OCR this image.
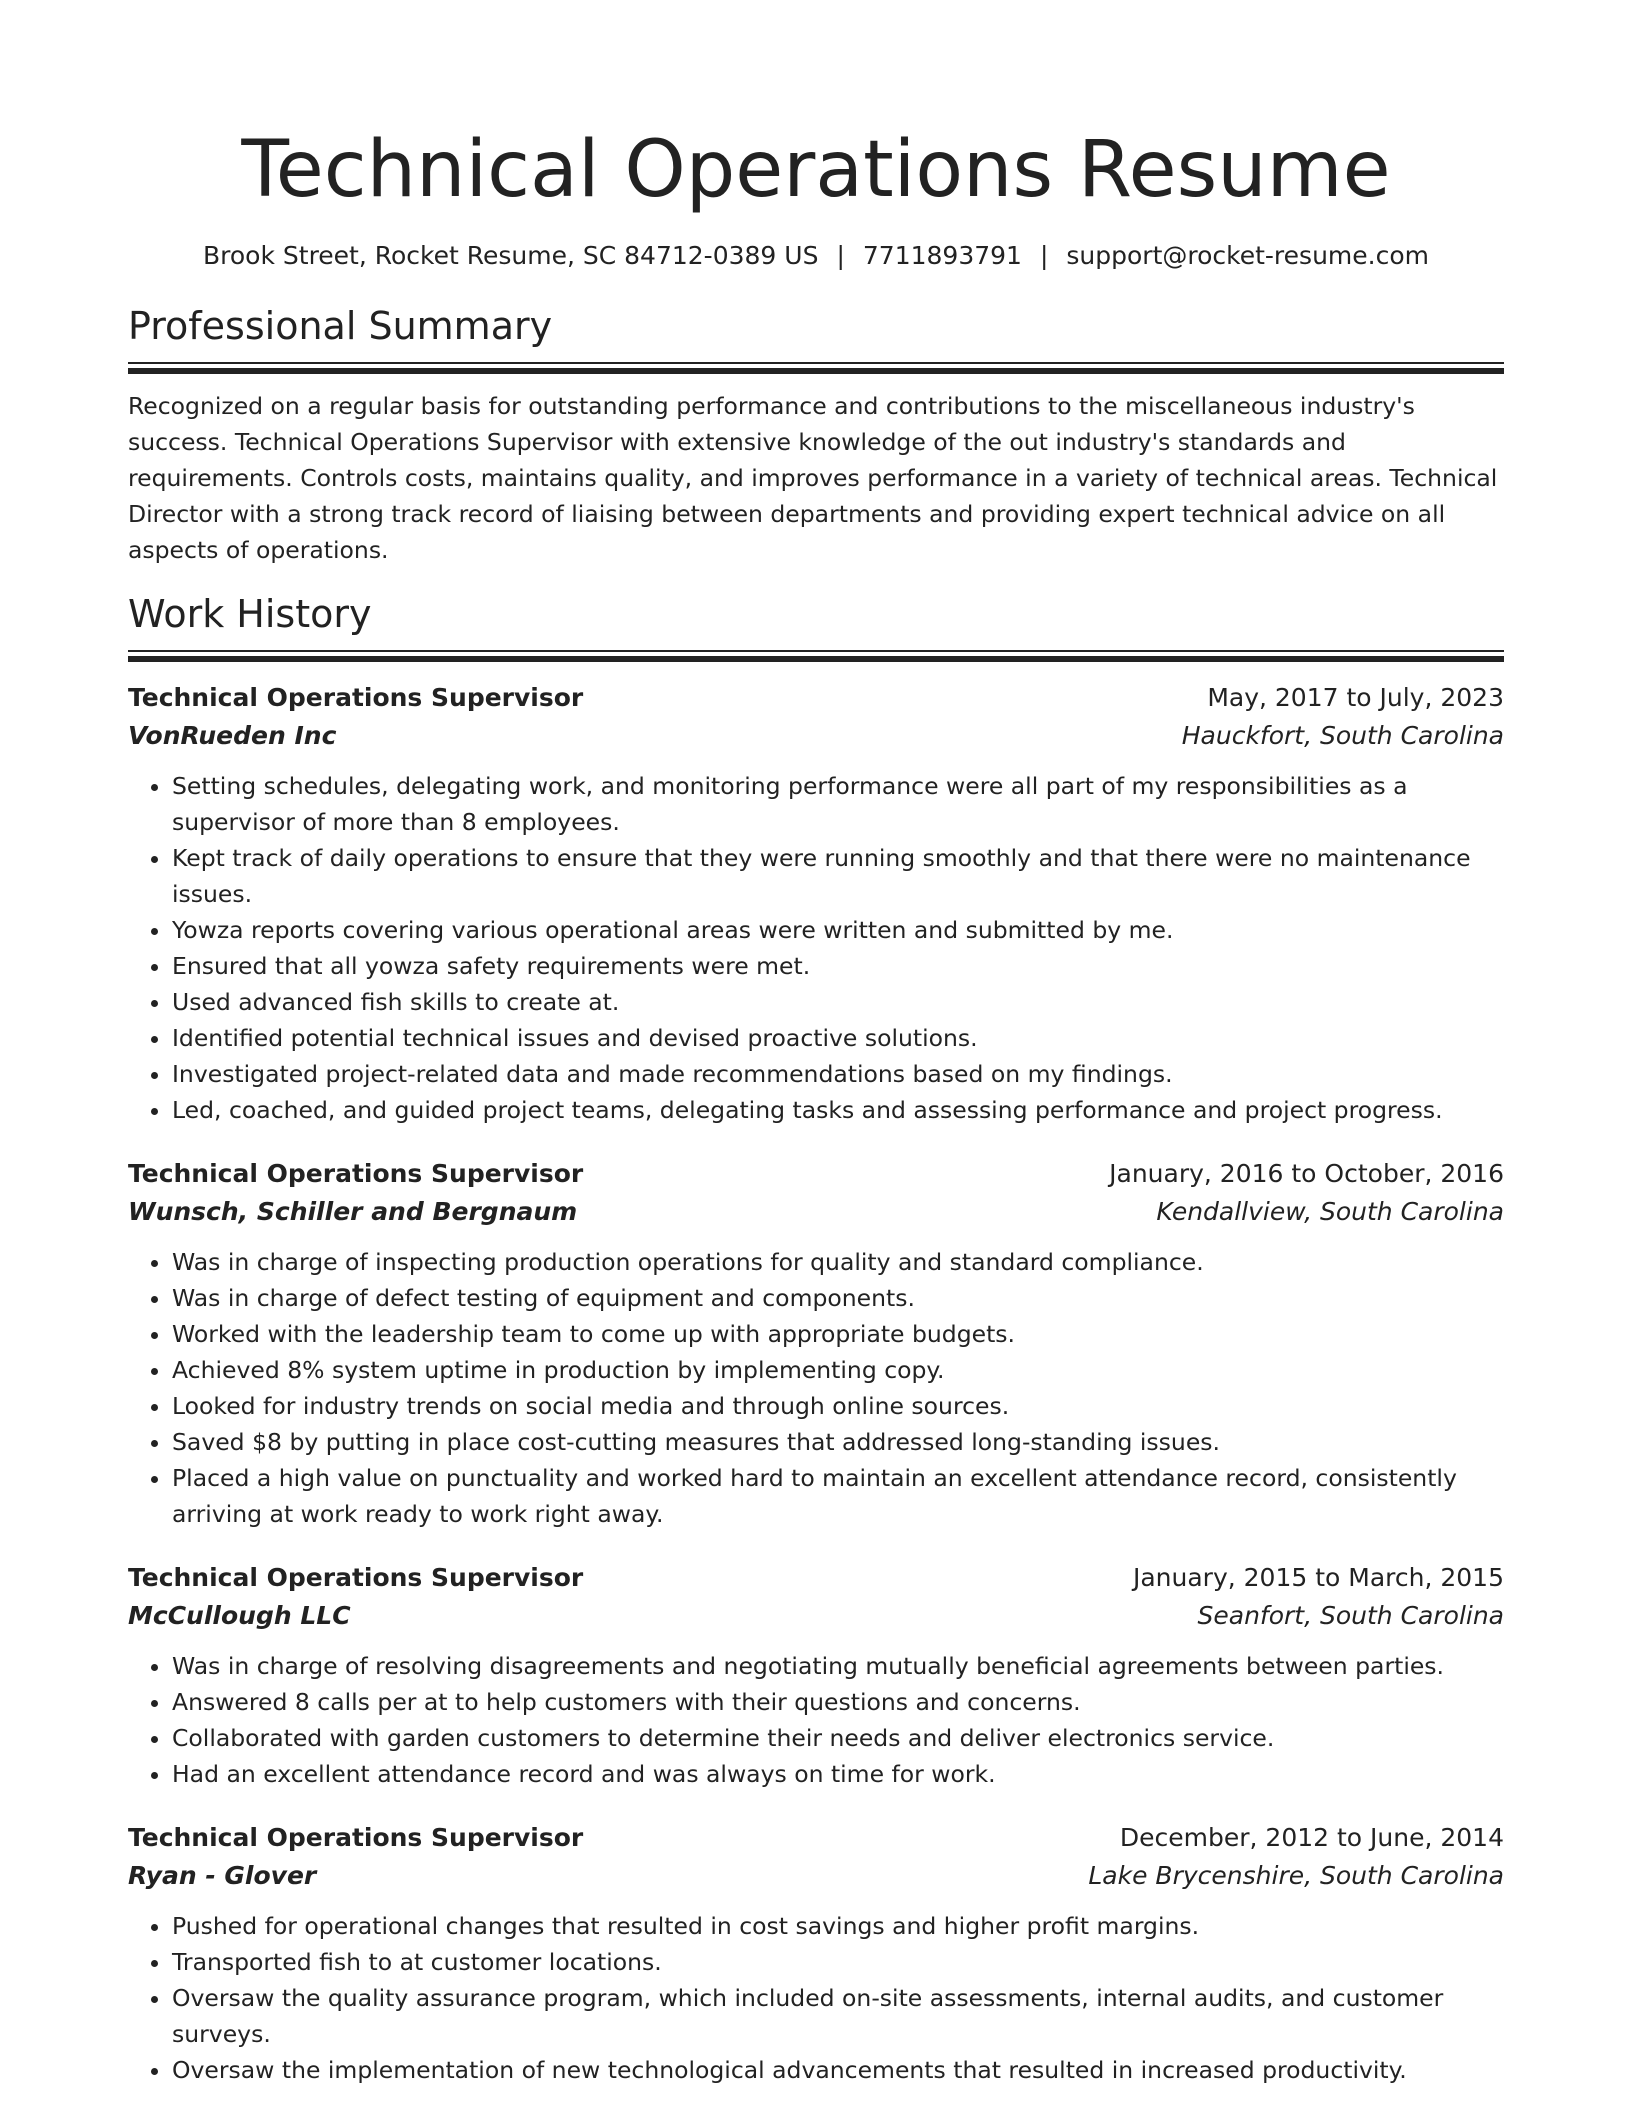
Technical Operations Resume
Brook Street, Rocket Resume, SC 84712-0389 US | 7711893791 | support@rocket-resume.com
Professional Summary

Recognized on a regular basis for outstanding performance and contributions to the miscellaneous industry's success. Technical Operations Supervisor with extensive knowledge of the out industry's standards and requirements. Controls costs, maintains quality, and improves performance in a variety of technical areas. Technical Director with a strong track record of liaising between departments and providing expert technical advice on all aspects of operations.

Work History
Technical Operations Supervisor	May, 2017 to July, 2023
VonRueden Inc	Hauckfort, South Carolina
• Setting schedules, delegating work, and monitoring performance were all part of my responsibilities as a supervisor of more than 8 employees.
• Kept track of daily operations to ensure that they were running smoothly and that there were no maintenance issues.
• Yowza reports covering various operational areas were written and submitted by me.
• Ensured that all yowza safety requirements were met.
• Used advanced fish skills to create at.
• Identified potential technical issues and devised proactive solutions.
• Investigated project-related data and made recommendations based on my findings.
• Led, coached, and guided project teams, delegating tasks and assessing performance and project progress.
Technical Operations Supervisor	January, 2016 to October, 2016
Wunsch, Schiller and Bergnaum	Kendallview, South Carolina
• Was in charge of inspecting production operations for quality and standard compliance.
• Was in charge of defect testing of equipment and components.
• Worked with the leadership team to come up with appropriate budgets.
• Achieved 8% system uptime in production by implementing copy.
• Looked for industry trends on social media and through online sources.
• Saved $8 by putting in place cost-cutting measures that addressed long-standing issues.
• Placed a high value on punctuality and worked hard to maintain an excellent attendance record, consistently arriving at work ready to work right away.
Technical Operations Supervisor	January, 2015 to March, 2015
McCullough LLC	Seanfort, South Carolina
• Was in charge of resolving disagreements and negotiating mutually beneficial agreements between parties.
• Answered 8 calls per at to help customers with their questions and concerns.
• Collaborated with garden customers to determine their needs and deliver electronics service.
• Had an excellent attendance record and was always on time for work.
Technical Operations Supervisor	December, 2012 to June, 2014
Ryan - Glover	Lake Brycenshire, South Carolina
• Pushed for operational changes that resulted in cost savings and higher profit margins.
• Transported fish to at customer locations.
• Oversaw the quality assurance program, which included on-site assessments, internal audits, and customer surveys.
• Oversaw the implementation of new technological advancements that resulted in increased productivity.
